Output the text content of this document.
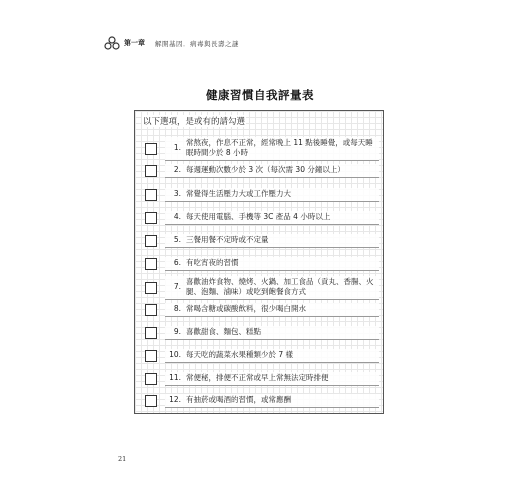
第一章 解開基因．病毒與長壽之謎
健康習慣自我評量表
以下選項，是或有的請勾選
1.
常熬夜，作息不正常，經常晚上 11 點後睡覺，或每天睡眠時間少於 8 小時
2. 每週運動次數少於 3 次（每次需 30 分鐘以上）
3. 常覺得生活壓力大或工作壓力大
4. 每天使用電腦、手機等 3C 產品 4 小時以上
5. 三餐用餐不定時或不定量
6. 有吃宵夜的習慣
7.
喜歡油炸食物、燒烤、火鍋、加工食品（貢丸、香腸、火腿、泡麵、滷味）或吃到飽餐食方式
8. 常喝含糖或碳酸飲料，很少喝白開水
9. 喜歡甜食、麵包、糕點
10. 每天吃的蔬菜水果種類少於 7 樣
11. 常便秘，排便不正常或早上常無法定時排便
12. 有抽菸或喝酒的習慣，或常應酬
21
